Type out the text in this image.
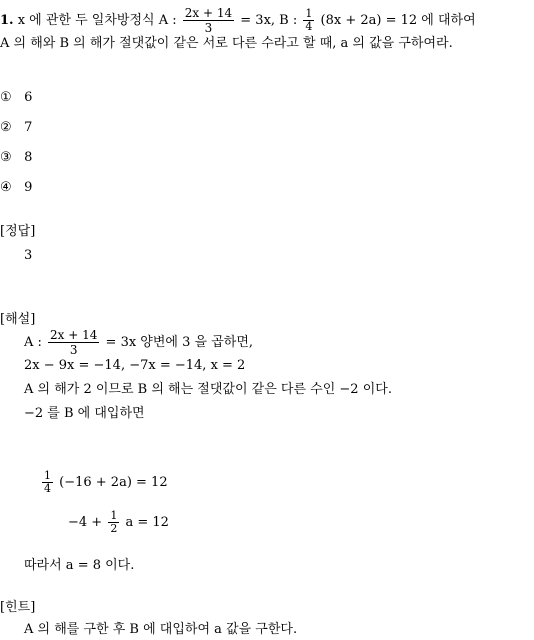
1. x 에 관한 두 일차방정식 A : $\frac{2x + 14}{3} = 3x$, B : $\frac{1}{4} (8x + 2a) = 12$ 에 대하여
A 의 해와 B 의 해가 절댓값이 같은 서로 다른 수라고 할 때, a 의 값을 구하여라.
① 6
② 7
③ 8
④ 9
[정답]
3
[해설]
A : $\frac{2x + 14}{3} = 3x$ 양변에 3 을 곱하면,
2x − 9x = −14, −7x = −14, x = 2
A 의 해가 2 이므로 B 의 해는 절댓값이 같은 다른 수인 −2 이다.
−2 를 B 에 대입하면
$\frac{1}{4} (-16 + 2a) = 12$
$-4 + \frac{1}{2}$ a = 12
따라서 a = 8 이다.
[힌트]
A 의 해를 구한 후 B 에 대입하여 a 값을 구한다.
